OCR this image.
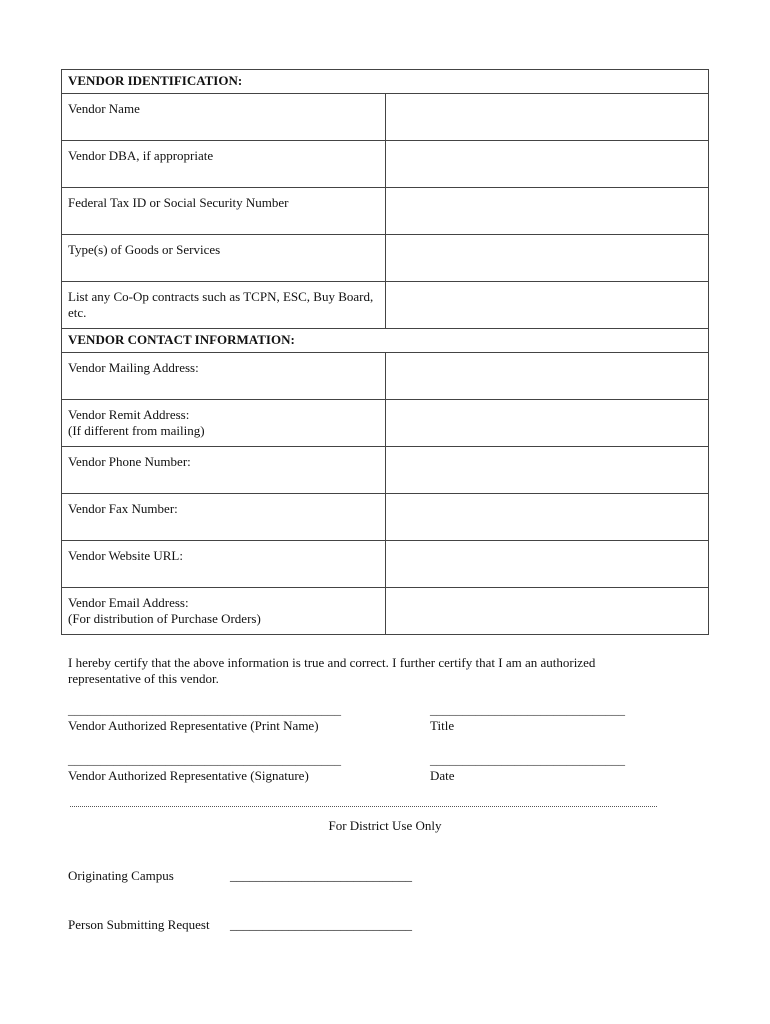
VENDOR IDENTIFICATION:	
Vendor Name	
Vendor DBA, if appropriate	
Federal Tax ID or Social Security Number	
Type(s) of Goods or Services	
List any Co-Op contracts such as TCPN, ESC, Buy Board, etc.	
VENDOR CONTACT INFORMATION:	
Vendor Mailing Address:	
Vendor Remit Address:
(If different from mailing)	
Vendor Phone Number:	
Vendor Fax Number:	
Vendor Website URL:	
Vendor Email Address:
(For distribution of Purchase Orders)	

I hereby certify that the above information is true and correct. I further certify that I am an authorized representative of this vendor.

__________________________________________
Vendor Authorized Representative (Print Name)
______________________________
Title
__________________________________________
Vendor Authorized Representative (Signature)
______________________________
Date
For District Use Only
Originating Campus	____________________________
Person Submitting Request ____________________________
